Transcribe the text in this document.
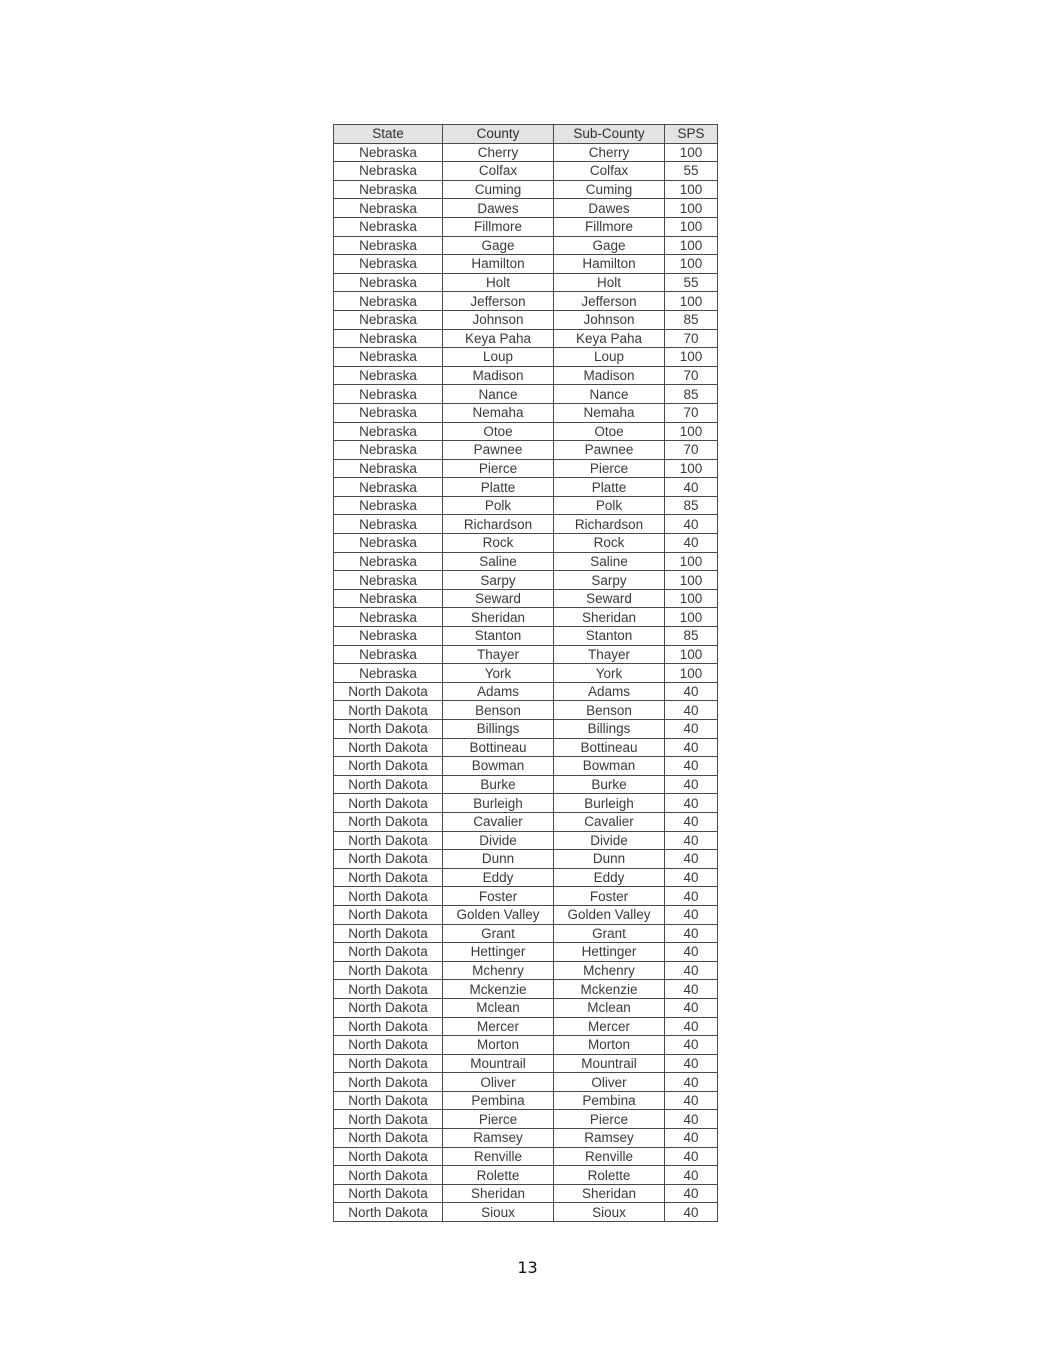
State	County	Sub-County	SPS
Nebraska	Cherry	Cherry	100
Nebraska	Colfax	Colfax	55
Nebraska	Cuming	Cuming	100
Nebraska	Dawes	Dawes	100
Nebraska	Fillmore	Fillmore	100
Nebraska	Gage	Gage	100
Nebraska	Hamilton	Hamilton	100
Nebraska	Holt	Holt	55
Nebraska	Jefferson	Jefferson	100
Nebraska	Johnson	Johnson	85
Nebraska	Keya Paha	Keya Paha	70
Nebraska	Loup	Loup	100
Nebraska	Madison	Madison	70
Nebraska	Nance	Nance	85
Nebraska	Nemaha	Nemaha	70
Nebraska	Otoe	Otoe	100
Nebraska	Pawnee	Pawnee	70
Nebraska	Pierce	Pierce	100
Nebraska	Platte	Platte	40
Nebraska	Polk	Polk	85
Nebraska	Richardson	Richardson	40
Nebraska	Rock	Rock	40
Nebraska	Saline	Saline	100
Nebraska	Sarpy	Sarpy	100
Nebraska	Seward	Seward	100
Nebraska	Sheridan	Sheridan	100
Nebraska	Stanton	Stanton	85
Nebraska	Thayer	Thayer	100
Nebraska	York	York	100
North Dakota	Adams	Adams	40
North Dakota	Benson	Benson	40
North Dakota	Billings	Billings	40
North Dakota	Bottineau	Bottineau	40
North Dakota	Bowman	Bowman	40
North Dakota	Burke	Burke	40
North Dakota	Burleigh	Burleigh	40
North Dakota	Cavalier	Cavalier	40
North Dakota	Divide	Divide	40
North Dakota	Dunn	Dunn	40
North Dakota	Eddy	Eddy	40
North Dakota	Foster	Foster	40
North Dakota	Golden Valley	Golden Valley	40
North Dakota	Grant	Grant	40
North Dakota	Hettinger	Hettinger	40
North Dakota	Mchenry	Mchenry	40
North Dakota	Mckenzie	Mckenzie	40
North Dakota	Mclean	Mclean	40
North Dakota	Mercer	Mercer	40
North Dakota	Morton	Morton	40
North Dakota	Mountrail	Mountrail	40
North Dakota	Oliver	Oliver	40
North Dakota	Pembina	Pembina	40
North Dakota	Pierce	Pierce	40
North Dakota	Ramsey	Ramsey	40
North Dakota	Renville	Renville	40
North Dakota	Rolette	Rolette	40
North Dakota	Sheridan	Sheridan	40
North Dakota	Sioux	Sioux	40
13
